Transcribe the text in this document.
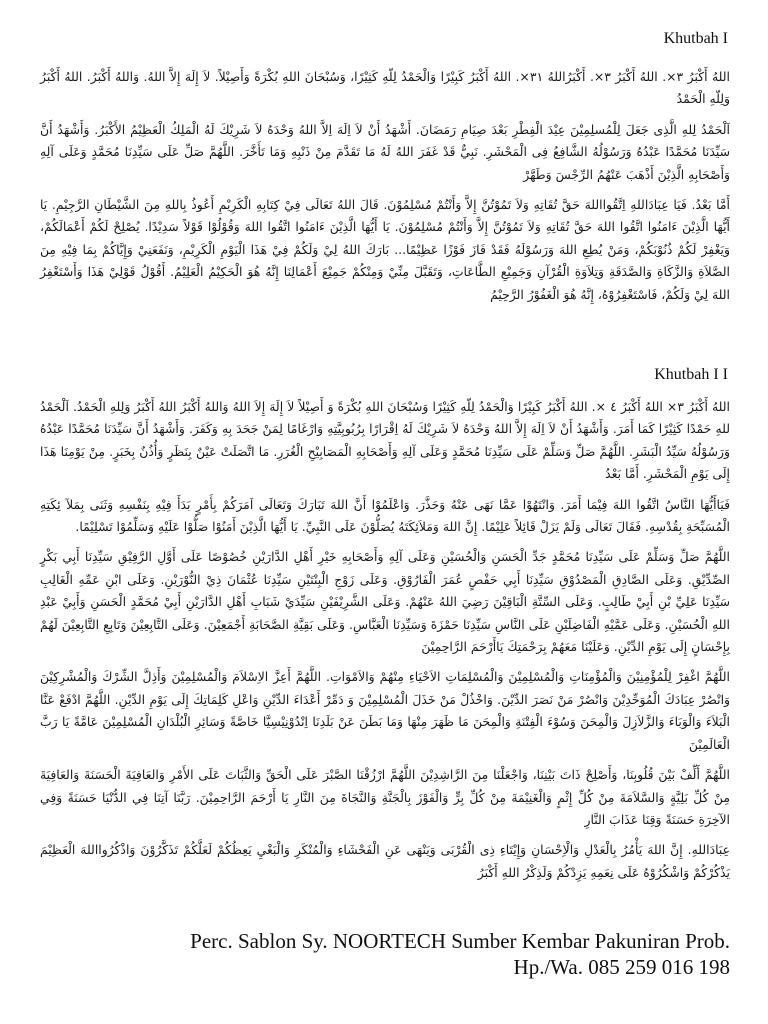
Khutbah I

اللهُ أَكْبَرُ ٣×. اللهُ أَكْبَرُ ٣×. أَكْبَرُاللهُ ٣١×. اللهُ أَكْبَرُ كَبِيْرًا وَالْحَمْدُ لِلّهِ كَثِيْرًا، وَسُبْحَانَ اللهِ بُكْرَةً وَأَصِيْلاً. لاَ إِلَهَ إِلاَّ اللهُ. وَاللهُ أَكْبَرُ. اللهُ أَكْبَرُ وَلِلّهِ الْحَمْدُ

اَلْحَمْدُ لِلهِ الَّذِى جَعَلَ لِلْمُسلِمِيْنَ عِيْدَ الْفِطْرِ بَعْدَ صِيَامِ رَمَضَانَ. أَشْهَدُ أَنْ لاَ اِلَهَ اِلاَّ اللهُ وَحْدَهُ لاَ شَرِيْكَ لَهُ الْمَلِكُ الْعَظِيْمُ الأَكْبَرُ. وَأَشْهَدُ أَنَّ سَيِّدَنَا مُحَمَّدًا عَبْدُهُ وَرَسُوْلُهُ الشَّافِعُ فِى الْمَحْشَرِ. نَبِيٌّ قَدْ غَفَرَ اللهُ لَهُ مَا تَقَدَّمَ مِنْ ذَنْبِهِ وَمَا تَأَخَّرَ. اللَّهُمَّ صَلِّ عَلَى سَيِّدِنَا مُحَمَّدٍ وَعَلَى آلِهِ وَأَصْحَابِهِ الَّذِيْنَ أَذْهَبَ عَنْهُمُ الرِّجْسَ وَطَهَّرْ

أَمَّا بَعْدُ. فَيَا عِبَادَاللهِ اِتَّقُوااللهَ حَقَّ تُقَاتِهِ وَلاَ تَمُوْتُنَّ إِلاَّ وَأَنْتُمْ مُسْلِمُوْنَ. قَالَ اللهُ تَعَالَى فِيْ كِتَابِهِ الْكَرِيْمِ أَعُوذُ بِاللهِ مِنَ الشَّيْطَانِ الرَّجِيْمِ. يَا أَيُّهَا الَّذِيْنَ ءَامَنُوا اتَّقُوا اللهَ حَقَّ تُقَاتِهِ وَلاَ تَمُوْتُنَّ إِلاَّ وَأَنْتُمْ مُسْلِمُوْنَ. يَا أَيُّهَا الَّذِيْنَ ءَامَنُوا اتَّقُوا اللهَ وَقُوْلُوْا قَوْلاً سَدِيْدًا. يُصْلِحْ لَكُمْ أَعْمَالَكُمْ، وَيَغْفِرْ لَكُمْ ذُنُوْبَكُمْ، وَمَنْ يُطِعِ اللهَ وَرَسُوْلَهُ فَقَدْ فَازَ فَوْزًا عَظِيْمًا... بَارَكَ اللهُ لِيْ وَلَكُمْ فِيْ هَذَا الْيَوْمِ الْكَرِيْمِ، وَنَفَعَنِيْ وَإِيَّاكُمْ بِمَا فِيْهِ مِنَ الصَّلاَةِ وَالزَّكَاةِ وَالصَّدَقَةِ وَتِلاَوَةِ الْقُرْآنِ وَجَمِيْعِ الطَّاعَاتِ، وَتَقَبَّلَ مِنِّيْ وَمِنْكُمْ جَمِيْعَ أَعْمَالِنَا إِنَّهُ هُوَ الْحَكِيْمُ الْعَلِيْمُ. أَقُوْلُ قَوْلِيْ هَذَا وَأَسْتَغْفِرُ اللهَ لِيْ وَلَكُمْ، فَاسْتَغْفِرُوْهُ، إِنَّهُ هُوَ الْغَفُوْرُ الرَّحِيْمُ

Khutbah I I

اللهُ أَكْبَرُ ٣× اللهُ أَكْبَرُ ٤ ×. اللهُ أَكْبَرُ كَبِيْرًا وَالْحَمْدُ لِلّهِ كَثِيْرًا وَسُبْحَانَ اللهِ بُكْرَةً وَ أَصِيْلاً لاَ إِلَهَ إِلاَ اللهُ وَاللهُ أَكْبَرُ اللهُ أَكْبَرُ وَلِلهِ الْحَمْدُ. اَلْحَمْدُ للهِ حَمْدًا كَثِيْرًا كَمَا أَمَرَ. وَأَشْهَدُ أَنْ لاَ اِلَهَ إِلاَّ اللهُ وَحْدَهُ لاَ شَرِيْكَ لَهُ اِقْرَارًا بِرُبُوبِيَّتِهِ وَارْغَامًا لِمَنْ جَحَدَ بِهِ وَكَفَرَ. وَأَشْهَدُ أَنَّ سَيِّدَنَا مُحَمَّدًا عَبْدُهُ وَرَسُوْلُهُ سَيِّدُ الْبَشَرِ. اللَّهُمَّ صَلِّ وَسَلِّمْ عَلَى سَيِّدِنَا مُحَمَّدٍ وَعَلَى آلِهِ وَأَصْحَابِهِ الْمَصَابِيْحِ الْغُرَرِ. مَا اتَّصَلَتْ عَيْنٌ بِنَظَرٍ وَأُذُنٌ بِخَبَرٍ. مِنْ يَوْمِنَا هَذَا إِلَى يَوْمِ الْمَحْشَرِ. أَمَّا بَعْدُ

فَيَاأَيُّهَا النَّاسُ اتَّقُوا اللهَ فِيْمَا أَمَرَ. وَانْتَهُوْا عَمَّا نَهَى عَنْهُ وَحَذَّرَ. وَاعْلَمُوْا أَنَّ اللهَ تَبَارَكَ وَتَعَالَى اَمَرَكُمْ بِأَمْرٍ بَدَأَ فِيْهِ بِنَفْسِهِ وَثَنَى بِمَلآ ئِكَتِهِ الْمُسَبِّحَةِ بِقُدْسِهِ. فَقَالَ تَعَالَى وَلَمْ يَزَلْ قَائِلاً عَلِيْمًا. إِنَّ اللهَ وَمَلاَئِكَتَهُ يُصَلُّوْنَ عَلَى النَّبِيِّ. يَا أَيُّهَا الَّذِيْنَ أَمَنُوْا صَلُّوْا عَلَيْهِ وَسَلِّمُوْا تَسْلِيْمًا.

اللَّهُمَّ صَلِّ وَسَلِّمْ عَلَى سَيِّدِنَا مُحَمَّدٍ جَدِّ الْحَسَنِ وَالْحُسَيْنِ وَعَلَى آلِهِ وَأَصْحَابِهِ خَيْرِ أَهْلِ الدَّارَيْنِ خُصُوْصًا عَلَى أَوَّلِ الرَّفِيْقِ سَيِّدِنَا أَبِي بَكْرٍ الصِّدِّيْقِ. وَعَلَى الصَّادِقِ الْمَصْدُوْقِ سَيِّدِنَا أَبِي حَفْصٍ عُمَرَ الْفَارُوْقِ. وَعَلَى زَوْجِ الْبِنْتَيْنِ سَيِّدِنَا عُثْمَانَ ذِيْ النُّوْرَيْنِ. وَعَلَى ابْنِ عَمِّهِ الْغَالِبِ سَيِّدِنَا عَلِيِّ بْنِ أَبِيْ طَالِبٍ. وَعَلَى السِّتَّةِ الْبَاقِيْنَ رَضِيَ اللهُ عَنْهُمْ. وَعَلَى الشَّرِيْفَيْنِ سَيِّدَيْ شَبَابِ أَهْلِ الدَّارَيْنِ أَبِيْ مُحَمَّدٍ الْحَسَنِ وَأَبِيْ عَبْدِ اللهِ الْحُسَيْنِ. وَعَلَى عَمَّيْهِ الْفَاضِلَيْنِ عَلَى النَّاسِ سَيِّدِنَا حَمْزَةَ وَسَيِّدِنَا الْعَبَّاسِ. وَعَلَى بَقِيَّةِ الصَّحَابَةِ أَجْمَعِيْنَ. وَعَلَى التَّابِعِيْنَ وَتَابِعِ التَّابِعِيْنَ لَهُمْ بِإِحْسَانٍ إِلَى يَوْمِ الدِّيْنِ. وَعَلَيْنَا مَعَهُمْ بِرَحْمَتِكَ يَاأَرْحَمَ الرَّاحِمِيْنَ

اللَّهُمَّ اغْفِرْ لِلْمُؤْمِنِيْنَ وَالْمُؤْمِنَاتِ وَالْمُسْلِمِيْنَ وَالْمُسْلِمَاتِ الاَحْيَاءِ مِنْهُمْ وَالاَمْوَاتِ. اللَّهُمَّ أَعِزَّ الاِسْلاَمَ وَالْمُسْلِمِيْنَ وَأَذِلَّ الشِّرْكَ وَالْمُشْرِكِيْنَ وَانْصُرْ عِبَادَكَ الْمُوَحِّدِيْنَ وَانْصُرْ مَنْ نَصَرَ الدِّيْنَ. وَاخْذُلْ مَنْ خَذَلَ الْمُسْلِمِيْنَ وَ دَمِّرْ أَعْدَاءَ الدِّيْنِ وَاعْلِ كَلِمَاتِكَ إِلَى يَوْمِ الدِّيْنِ. اللَّهُمَّ ادْفَعْ عَنَّا الْبَلاَءَ وَالْوَبَاءَ وَالزَّلاَزِلَ وَالْمِحَنَ وَسُوْءَ الْفِتْنَةِ وَالْمِحَنَ مَا ظَهَرَ مِنْهَا وَمَا بَطَنَ عَنْ بَلَدِنَا اِنْدُوْنِيْسِيَّا خَاصَّةً وَسَائِرِ الْبُلْدَانِ الْمُسْلِمِيْنَ عَامَّةً يَا رَبَّ الْعَالَمِيْنَ

اللَّهُمَّ أَلِّفْ بَيْنَ قُلُوبِنَا، وَأَصْلِحْ ذَاتَ بَيْنِنَا، وَاجْعَلْنَا مِنَ الرَّاشِدِيْنَ اللَّهُمَّ ارْزُقْنَا الصَّبْرَ عَلَى الْحَقِّ وَالثَّبَاتَ عَلَى الأَمْرِ وَالعَافِيَةَ الْحَسَنَةَ وَالعَافِيَةَ مِنْ كُلِّ بَلِيَّةٍ وَالسَّلاَمَةَ مِنْ كُلِّ إِثْمٍ وَالْغَنِيْمَةَ مِنْ كُلِّ بِرٍّ وَالْفَوْزَ بِالْجَنَّةِ وَالنَّجَاةَ مِنَ النَّارِ يَا أَرْحَمَ الرَّاحِمِيْنَ. رَبَّنَا آتِنَا فِي الدُّنْيَا حَسَنَةً وَفِي الآخِرَةِ حَسَنَةً وَقِنَا عَذَابَ النَّارِ

عِبَادَاللهِ. إِنَّ اللهَ يَأْمُرُ بِالْعَدْلِ وَالْاِحْسَانِ وَإِيْتَاءِ ذِى الْقُرْبَى وَيَنْهَى عَنِ الْفَحْشَاءِ وَالْمُنْكَرِ وَالْبَغْيِ يَعِظُكُمْ لَعَلَّكُمْ تَذَكَّرُوْنَ وَاذْكُرُوااللهَ الْعَظِيْمَ يَذْكُرْكُمْ وَاشْكُرُوْهُ عَلَى نِعَمِهِ يَزِدْكُمْ وَلَذِكْرُ اللهِ أَكْبَرُ

Perc. Sablon Sy. NOORTECH Sumber Kembar Pakuniran Prob.
Hp./Wa. 085 259 016 198
